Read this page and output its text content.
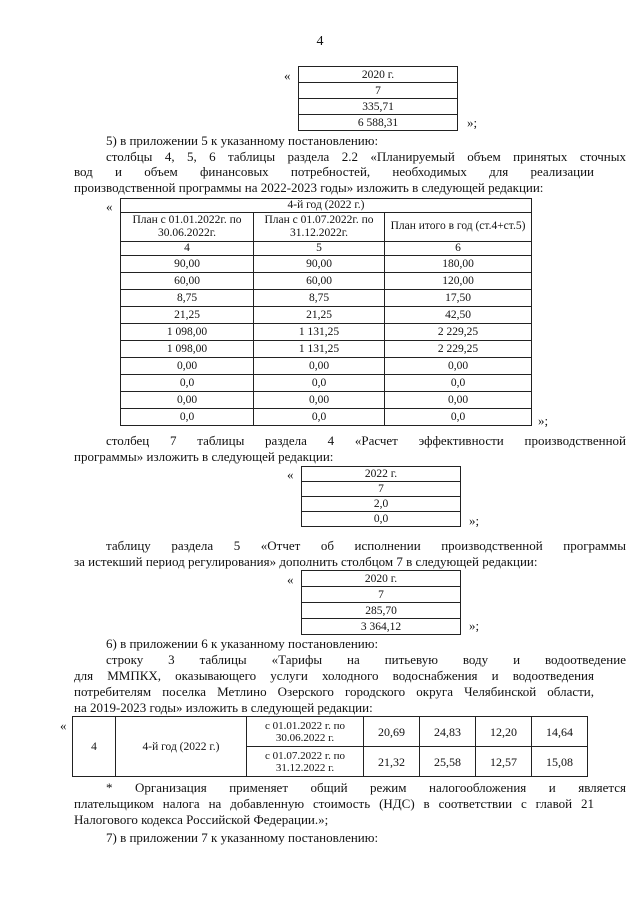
4
«	2020 г.
7
335,71
6 588,31	»;
5) в приложении 5 к указанному постановлению:
столбцы 4, 5, 6 таблицы раздела 2.2 «Планируемый объем принятых сточных
вод и объем финансовых потребностей, необходимых для реализации
производственной программы на 2022-2023 годы» изложить в следующей редакции:
«	4-й год (2022 г.)		
План с 01.01.2022г. по 30.06.2022г.	План с 01.07.2022г. по 31.12.2022г.	План итого в год (ст.4+ст.5)
4	5	6
90,00	90,00	180,00
60,00	60,00	120,00
8,75	8,75	17,50
21,25	21,25	42,50
1 098,00	1 131,25	2 229,25
1 098,00	1 131,25	2 229,25
0,00	0,00	0,00
0,0	0,0	0,0
0,00	0,00	0,00
0,0	0,0	0,0	»;
столбец 7 таблицы раздела 4 «Расчет эффективности производственной
программы» изложить в следующей редакции:
«	2022 г.
7
2,0
0,0	»;
таблицу раздела 5 «Отчет об исполнении производственной программы
за истекший период регулирования» дополнить столбцом 7 в следующей редакции:
«	2020 г.
7
285,70
3 364,12	»;
6) в приложении 6 к указанному постановлению:
строку 3 таблицы «Тарифы на питьевую воду и водоотведение
для ММПКХ, оказывающего услуги холодного водоснабжения и водоотведения
потребителям поселка Метлино Озерского городского округа Челябинской области,
на 2019-2023 годы» изложить в следующей редакции:
«
4	4-й год (2022 г.)	с 01.01.2022 г. по 30.06.2022 г.	20,69	24,83	12,20	14,64
		с 01.07.2022 г. по 31.12.2022 г.	21,32	25,58	12,57	15,08
* Организация применяет общий режим налогообложения и является
плательщиком налога на добавленную стоимость (НДС) в соответствии с главой 21
Налогового кодекса Российской Федерации.»;
7) в приложении 7 к указанному постановлению:
